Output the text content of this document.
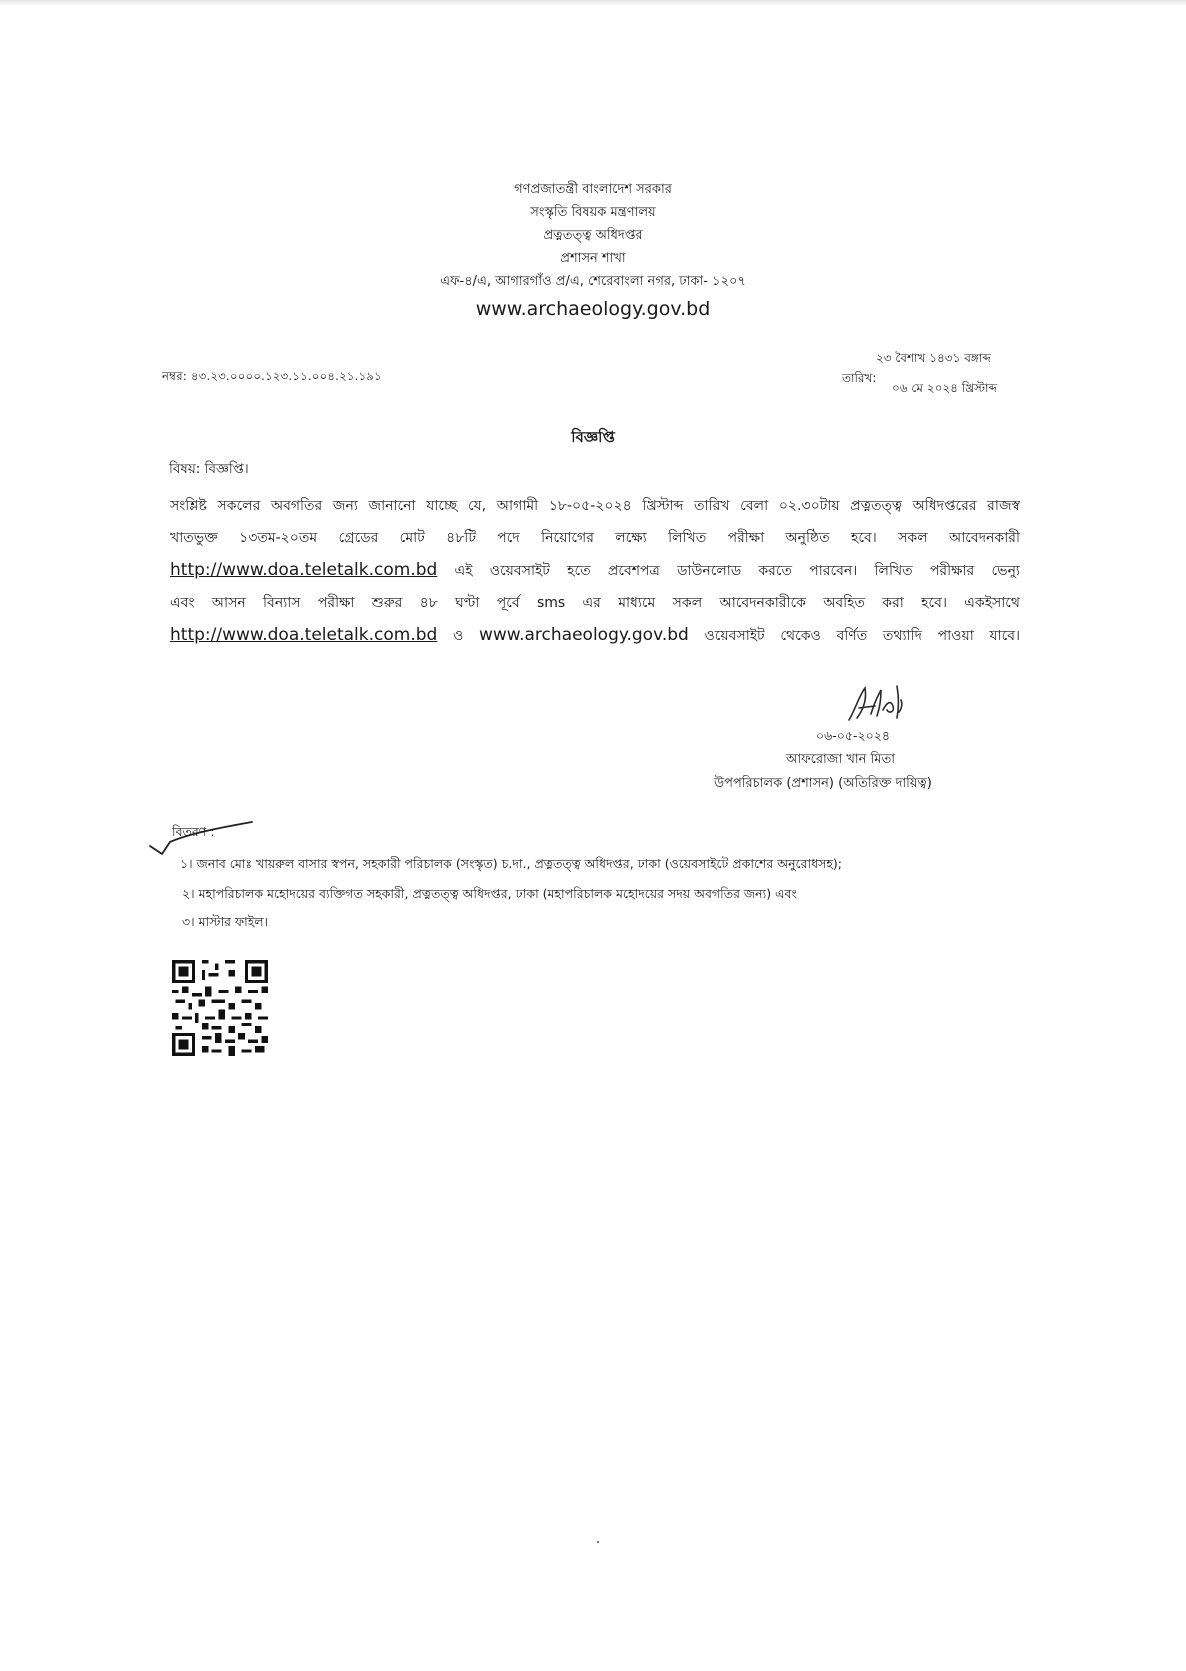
গণপ্রজাতন্ত্রী বাংলাদেশ সরকার
সংস্কৃতি বিষয়ক মন্ত্রণালয়
প্রত্নতত্ত্ব অধিদপ্তর
প্রশাসন শাখা
এফ-৪/এ, আগারগাঁও প্র/এ, শেরেবাংলা নগর, ঢাকা- ১২০৭
www.archaeology.gov.bd
নম্বর: ৪৩.২৩.০০০০.১২৩.১১.০০৪.২১.১৯১
২৩ বৈশাখ ১৪৩১ বঙ্গাব্দ
তারিখ:
০৬ মে ২০২৪ খ্রিস্টাব্দ
বিজ্ঞপ্তি
বিষয়: বিজ্ঞপ্তি।
সংশ্লিষ্ট সকলের অবগতির জন্য জানানো যাচ্ছে যে, আগামী ১৮-০৫-২০২৪ খ্রিস্টাব্দ তারিখ বেলা ০২.৩০টায় প্রত্নতত্ত্ব অধিদপ্তরের রাজস্ব
খাতভুক্ত ১৩তম-২০তম গ্রেডের মোট ৪৮টি পদে নিয়োগের লক্ষ্যে লিখিত পরীক্ষা অনুষ্ঠিত হবে। সকল আবেদনকারী
http://www.doa.teletalk.com.bd এই ওয়েবসাইট হতে প্রবেশপত্র ডাউনলোড করতে পারবেন। লিখিত পরীক্ষার ভেন্যু
এবং আসন বিন্যাস পরীক্ষা শুরুর ৪৮ ঘণ্টা পূর্বে sms এর মাধ্যমে সকল আবেদনকারীকে অবহিত করা হবে। একইসাথে
http://www.doa.teletalk.com.bd ও www.archaeology.gov.bd ওয়েবসাইট থেকেও বর্ণিত তথ্যাদি পাওয়া যাবে।
০৬-০৫-২০২৪
আফরোজা খান মিতা
উপপরিচালক (প্রশাসন) (অতিরিক্ত দায়িত্ব)
বিতরণ :
১। জনাব মোঃ খায়রুল বাসার স্বপন, সহকারী পরিচালক (সংস্কৃত) চ.দা., প্রত্নতত্ত্ব অধিদপ্তর, ঢাকা (ওয়েবসাইটে প্রকাশের অনুরোধসহ);
২। মহাপরিচালক মহোদয়ের ব্যক্তিগত সহকারী, প্রত্নতত্ত্ব অধিদপ্তর, ঢাকা (মহাপরিচালক মহোদয়ের সদয় অবগতির জন্য) এবং
৩। মাস্টার ফাইল।
